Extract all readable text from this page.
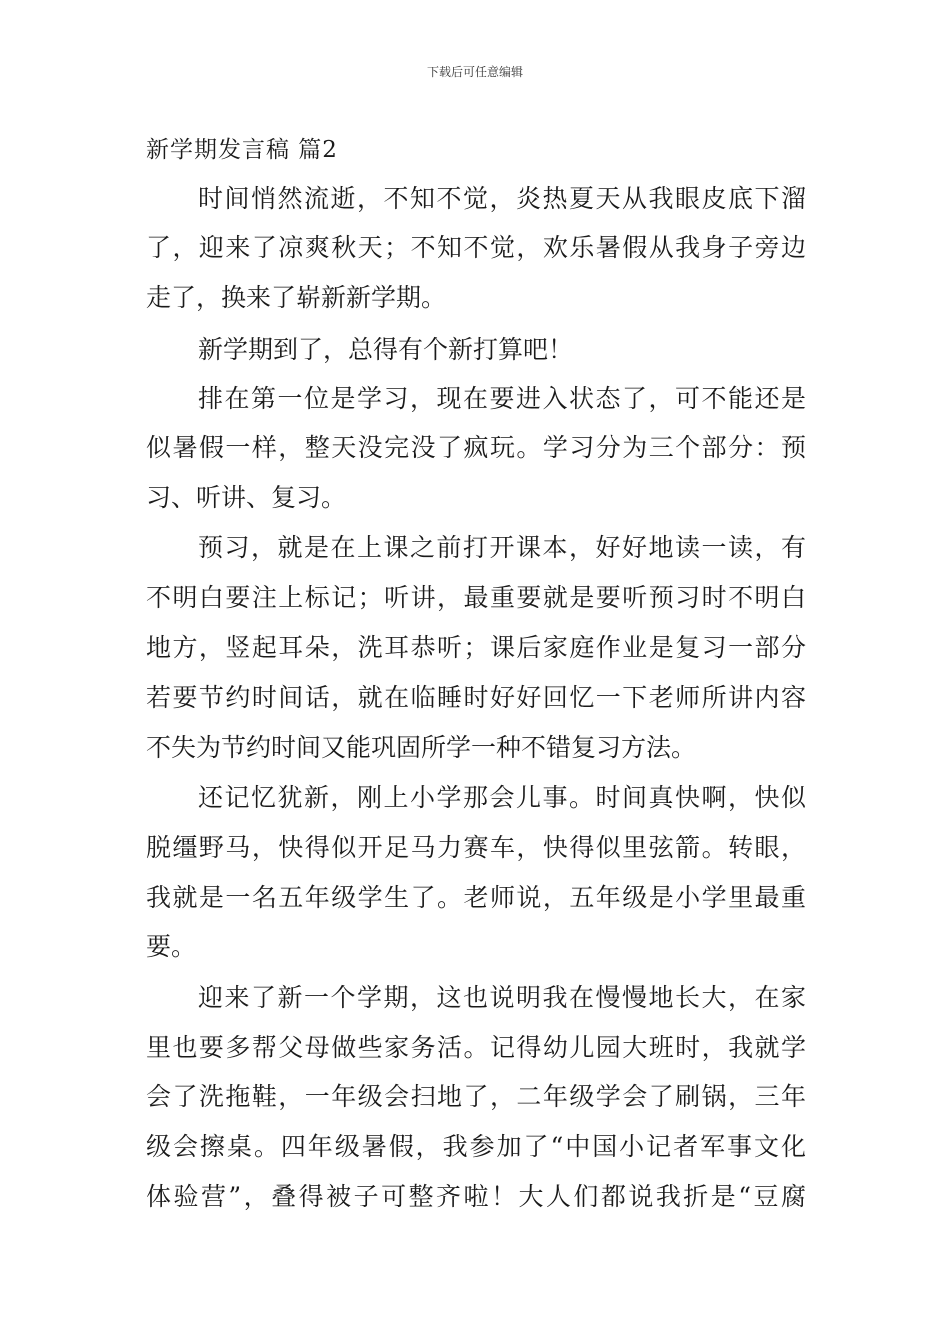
下载后可任意编辑
新学期发言稿 篇2
时间悄然流逝，不知不觉，炎热夏天从我眼皮底下溜
了，迎来了凉爽秋天；不知不觉，欢乐暑假从我身子旁边
走了，换来了崭新新学期。
新学期到了，总得有个新打算吧！
排在第一位是学习，现在要进入状态了，可不能还是
似暑假一样，整天没完没了疯玩。学习分为三个部分：预
习、听讲、复习。
预习，就是在上课之前打开课本，好好地读一读，有
不明白要注上标记；听讲，最重要就是要听预习时不明白
地方，竖起耳朵，洗耳恭听；课后家庭作业是复习一部分
若要节约时间话，就在临睡时好好回忆一下老师所讲内容
不失为节约时间又能巩固所学一种不错复习方法。
还记忆犹新，刚上小学那会儿事。时间真快啊，快似
脱缰野马，快得似开足马力赛车，快得似里弦箭。转眼，
我就是一名五年级学生了。老师说，五年级是小学里最重
要。
迎来了新一个学期，这也说明我在慢慢地长大，在家
里也要多帮父母做些家务活。记得幼儿园大班时，我就学
会了洗拖鞋，一年级会扫地了，二年级学会了刷锅，三年
级会擦桌。四年级暑假，我参加了“中国小记者军事文化
体验营”，叠得被子可整齐啦！大人们都说我折是“豆腐
